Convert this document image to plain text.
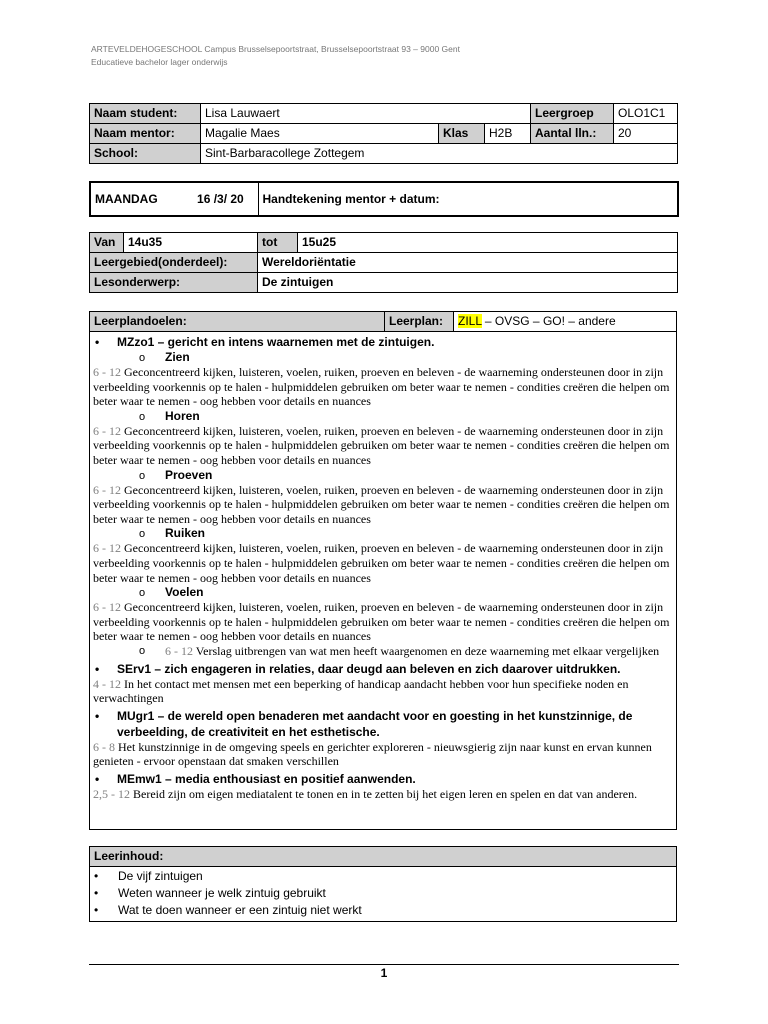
ARTEVELDEHOGESCHOOL Campus Brusselsepoortstraat, Brusselsepoortstraat 93 – 9000 Gent
Educatieve bachelor lager onderwijs
Naam student:	Lisa Lauwaert			Leergroep	OLO1C1
Naam mentor:	Magalie Maes	Klas	H2B	Aantal lln.:	20
School:	Sint-Barbaracollege Zottegem				
MAANDAG	16 /3/ 20	Handtekening mentor + datum:
Van	14u35	tot	15u25
Leergebied(onderdeel):		Wereldoriëntatie	
Lesonderwerp:		De zintuigen	
Leerplandoelen:	Leerplan:	ZILL – OVSG – GO! – andere
•	MZzo1 – gericht en intens waarnemen met de zintuigen.
o Zien
6 - 12 Geconcentreerd kijken, luisteren, voelen, ruiken, proeven en beleven - de waarneming ondersteunen door in zijn verbeelding voorkennis op te halen - hulpmiddelen gebruiken om beter waar te nemen - condities creëren die helpen om beter waar te nemen - oog hebben voor details en nuances
o Horen
6 - 12 Geconcentreerd kijken, luisteren, voelen, ruiken, proeven en beleven - de waarneming ondersteunen door in zijn verbeelding voorkennis op te halen - hulpmiddelen gebruiken om beter waar te nemen - condities creëren die helpen om beter waar te nemen - oog hebben voor details en nuances
o Proeven
6 - 12 Geconcentreerd kijken, luisteren, voelen, ruiken, proeven en beleven - de waarneming ondersteunen door in zijn verbeelding voorkennis op te halen - hulpmiddelen gebruiken om beter waar te nemen - condities creëren die helpen om beter waar te nemen - oog hebben voor details en nuances
o Ruiken
6 - 12 Geconcentreerd kijken, luisteren, voelen, ruiken, proeven en beleven - de waarneming ondersteunen door in zijn verbeelding voorkennis op te halen - hulpmiddelen gebruiken om beter waar te nemen - condities creëren die helpen om beter waar te nemen - oog hebben voor details en nuances
o Voelen
6 - 12 Geconcentreerd kijken, luisteren, voelen, ruiken, proeven en beleven - de waarneming ondersteunen door in zijn verbeelding voorkennis op te halen - hulpmiddelen gebruiken om beter waar te nemen - condities creëren die helpen om beter waar te nemen - oog hebben voor details en nuances
o	6 - 12 Verslag uitbrengen van wat men heeft waargenomen en deze waarneming met elkaar vergelijken
•	SErv1 – zich engageren in relaties, daar deugd aan beleven en zich daarover uitdrukken.
4 - 12 In het contact met mensen met een beperking of handicap aandacht hebben voor hun specifieke noden en verwachtingen
•	MUgr1 – de wereld open benaderen met aandacht voor en goesting in het kunstzinnige, de verbeelding, de creativiteit en het esthetische.
6 - 8 Het kunstzinnige in de omgeving speels en gerichter exploreren - nieuwsgierig zijn naar kunst en ervan kunnen genieten - ervoor openstaan dat smaken verschillen
•	MEmw1 – media enthousiast en positief aanwenden.
2,5 - 12 Bereid zijn om eigen mediatalent te tonen en in te zetten bij het eigen leren en spelen en dat van anderen.
Leerinhoud:
•	De vijf zintuigen
•	Weten wanneer je welk zintuig gebruikt
•	Wat te doen wanneer er een zintuig niet werkt
1
